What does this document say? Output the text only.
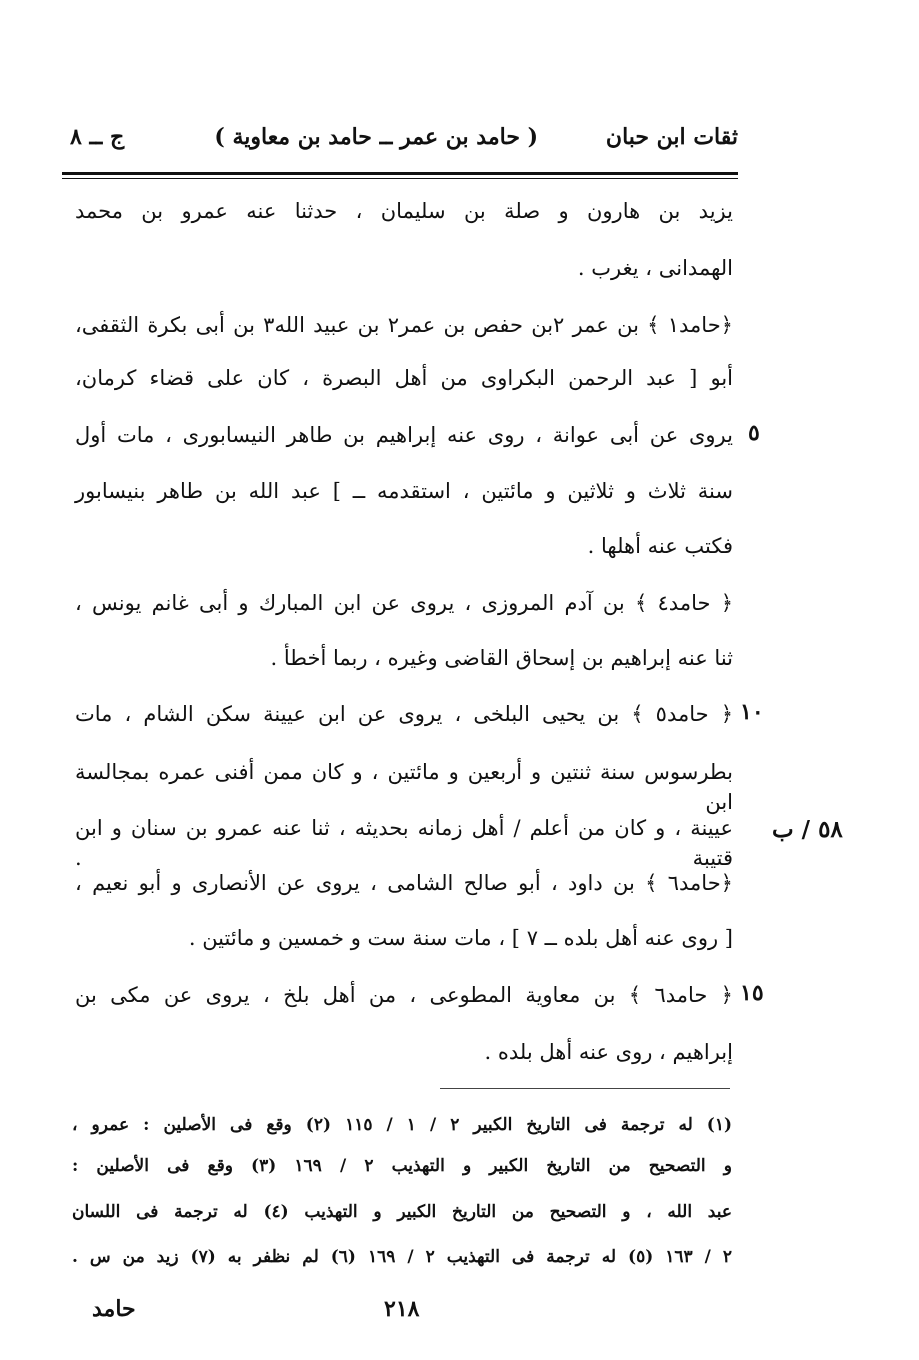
ثقات ابن حبان
( حامد بن عمر ــ حامد بن معاوية )
ج ــ ٨
يزيد بن هارون و صلة بن سليمان ، حدثنا عنه عمرو بن محمد
الهمدانى ، يغرب .
﴿حامد١ ﴾ بن عمر ٢بن حفص بن عمر٢ بن عبيد الله٣ بن أبى بكرة الثقفى،
أبو [ عبد الرحمن البكراوى من أهل البصرة ، كان على قضاء كرمان،
يروى عن أبى عوانة ، روى عنه إبراهيم بن طاهر النيسابورى ، مات أول
سنة ثلاث و ثلاثين و مائتين ، استقدمه ــ ] عبد الله بن طاهر بنيسابور
فكتب عنه أهلها .
﴿ حامد٤ ﴾ بن آدم المروزى ، يروى عن ابن المبارك و أبى غانم يونس ،
ثنا عنه إبراهيم بن إسحاق القاضى وغيره ، ربما أخطأ .
﴿ حامد٥ ﴾ بن يحيى البلخى ، يروى عن ابن عيينة سكن الشام ، مات
بطرسوس سنة ثنتين و أربعين و مائتين ، و كان ممن أفنى عمره بمجالسة ابن
عيينة ، و كان من أعلم / أهل زمانه بحديثه ، ثنا عنه عمرو بن سنان و ابن قتيبة .
﴿حامد٦ ﴾ بن داود ، أبو صالح الشامى ، يروى عن الأنصارى و أبو نعيم ،
[ روى عنه أهل بلده ــ ٧ ] ، مات سنة ست و خمسين و مائتين .
﴿ حامد٦ ﴾ بن معاوية المطوعى ، من أهل بلخ ، يروى عن مكى بن
إبراهيم ، روى عنه أهل بلده .
٥
١٠
١٥
٥٨ / ب
(١) له ترجمة فى التاريخ الكبير ٢ / ١ / ١١٥ (٢) وقع فى الأصلين : عمرو ،
و التصحيح من التاريخ الكبير و التهذيب ٢ / ١٦٩ (٣) وقع فى الأصلين :
عبد الله ، و التصحيح من التاريخ الكبير و التهذيب (٤) له ترجمة فى اللسان
٢ / ١٦٣ (٥) له ترجمة فى التهذيب ٢ / ١٦٩ (٦) لم نظفر به (٧) زيد من س .
حامد	٢١٨
